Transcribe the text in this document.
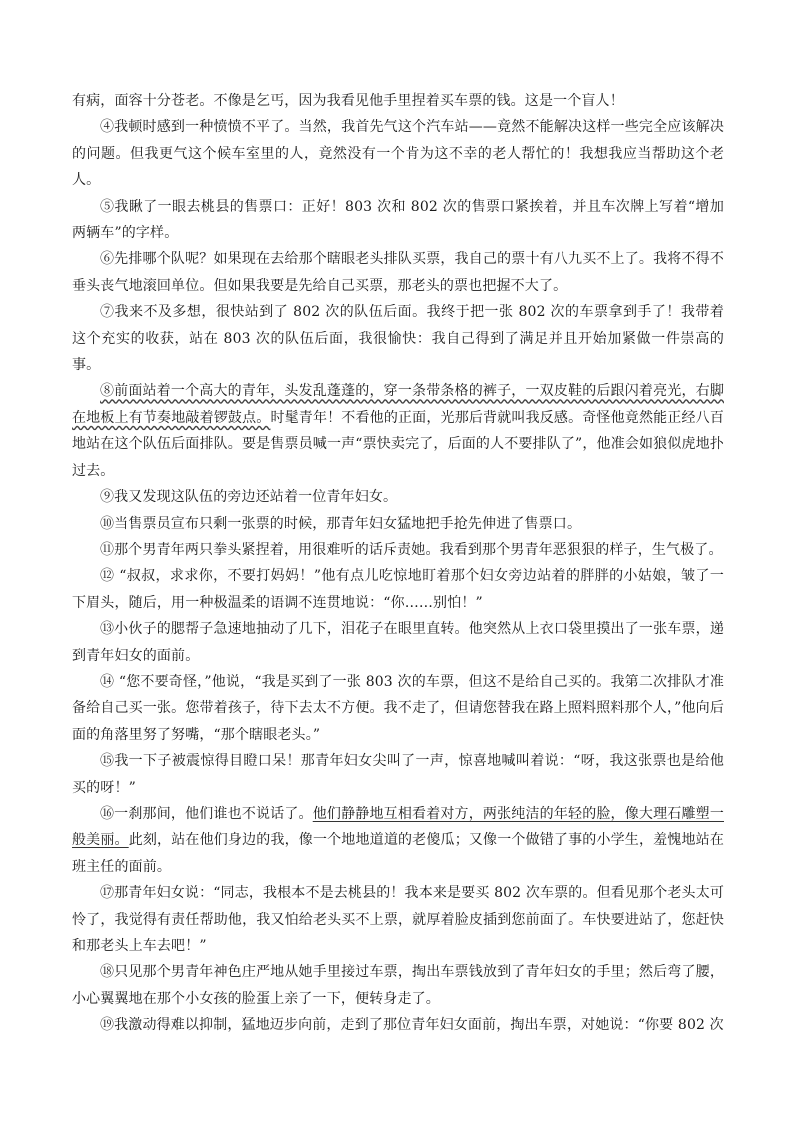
有病，面容十分苍老。不像是乞丐，因为我看见他手里捏着买车票的钱。这是一个盲人！

④我顿时感到一种愤愤不平了。当然，我首先气这个汽车站——竟然不能解决这样一些完全应该解决的问题。但我更气这个候车室里的人，竟然没有一个肯为这不幸的老人帮忙的！我想我应当帮助这个老人。

⑤我瞅了一眼去桃县的售票口：正好！803 次和 802 次的售票口紧挨着，并且车次牌上写着“增加两辆车”的字样。

⑥先排哪个队呢？如果现在去给那个瞎眼老头排队买票，我自己的票十有八九买不上了。我将不得不垂头丧气地滚回单位。但如果我要是先给自己买票，那老头的票也把握不大了。

⑦我来不及多想，很快站到了 802 次的队伍后面。我终于把一张 802 次的车票拿到手了！我带着这个充实的收获，站在 803 次的队伍后面，我很愉快：我自己得到了满足并且开始加紧做一件崇高的事。

⑧前面站着一个高大的青年，头发乱蓬蓬的，穿一条带条格的裤子，一双皮鞋的后跟闪着亮光，右脚在地板上有节奏地敲着锣鼓点。时髦青年！不看他的正面，光那后背就叫我反感。奇怪他竟然能正经八百地站在这个队伍后面排队。要是售票员喊一声“票快卖完了，后面的人不要排队了”，他准会如狼似虎地扑过去。

⑨我又发现这队伍的旁边还站着一位青年妇女。

⑩当售票员宣布只剩一张票的时候，那青年妇女猛地把手抢先伸进了售票口。

⑪那个男青年两只拳头紧捏着，用很难听的话斥责她。我看到那个男青年恶狠狠的样子，生气极了。

⑫ “叔叔，求求你，不要打妈妈！”他有点儿吃惊地盯着那个妇女旁边站着的胖胖的小姑娘，皱了一下眉头，随后，用一种极温柔的语调不连贯地说：“你……别怕！”

⑬小伙子的腮帮子急速地抽动了几下，泪花子在眼里直转。他突然从上衣口袋里摸出了一张车票，递到青年妇女的面前。

⑭ “您不要奇怪，”他说，“我是买到了一张 803 次的车票，但这不是给自己买的。我第二次排队才准备给自己买一张。您带着孩子，待下去太不方便。我不走了，但请您替我在路上照料照料那个人，”他向后面的角落里努了努嘴，“那个瞎眼老头。”

⑮我一下子被震惊得目瞪口呆！那青年妇女尖叫了一声，惊喜地喊叫着说：“呀，我这张票也是给他买的呀！”

⑯一刹那间，他们谁也不说话了。他们静静地互相看着对方，两张纯洁的年轻的脸，像大理石雕塑一般美丽。此刻，站在他们身边的我，像一个地地道道的老傻瓜；又像一个做错了事的小学生，羞愧地站在班主任的面前。

⑰那青年妇女说：“同志，我根本不是去桃县的！我本来是要买 802 次车票的。但看见那个老头太可怜了，我觉得有责任帮助他，我又怕给老头买不上票，就厚着脸皮插到您前面了。车快要进站了，您赶快和那老头上车去吧！”

⑱只见那个男青年神色庄严地从她手里接过车票，掏出车票钱放到了青年妇女的手里；然后弯了腰，小心翼翼地在那个小女孩的脸蛋上亲了一下，便转身走了。

⑲我激动得难以抑制，猛地迈步向前，走到了那位青年妇女面前，掏出车票，对她说：“你要 802 次
